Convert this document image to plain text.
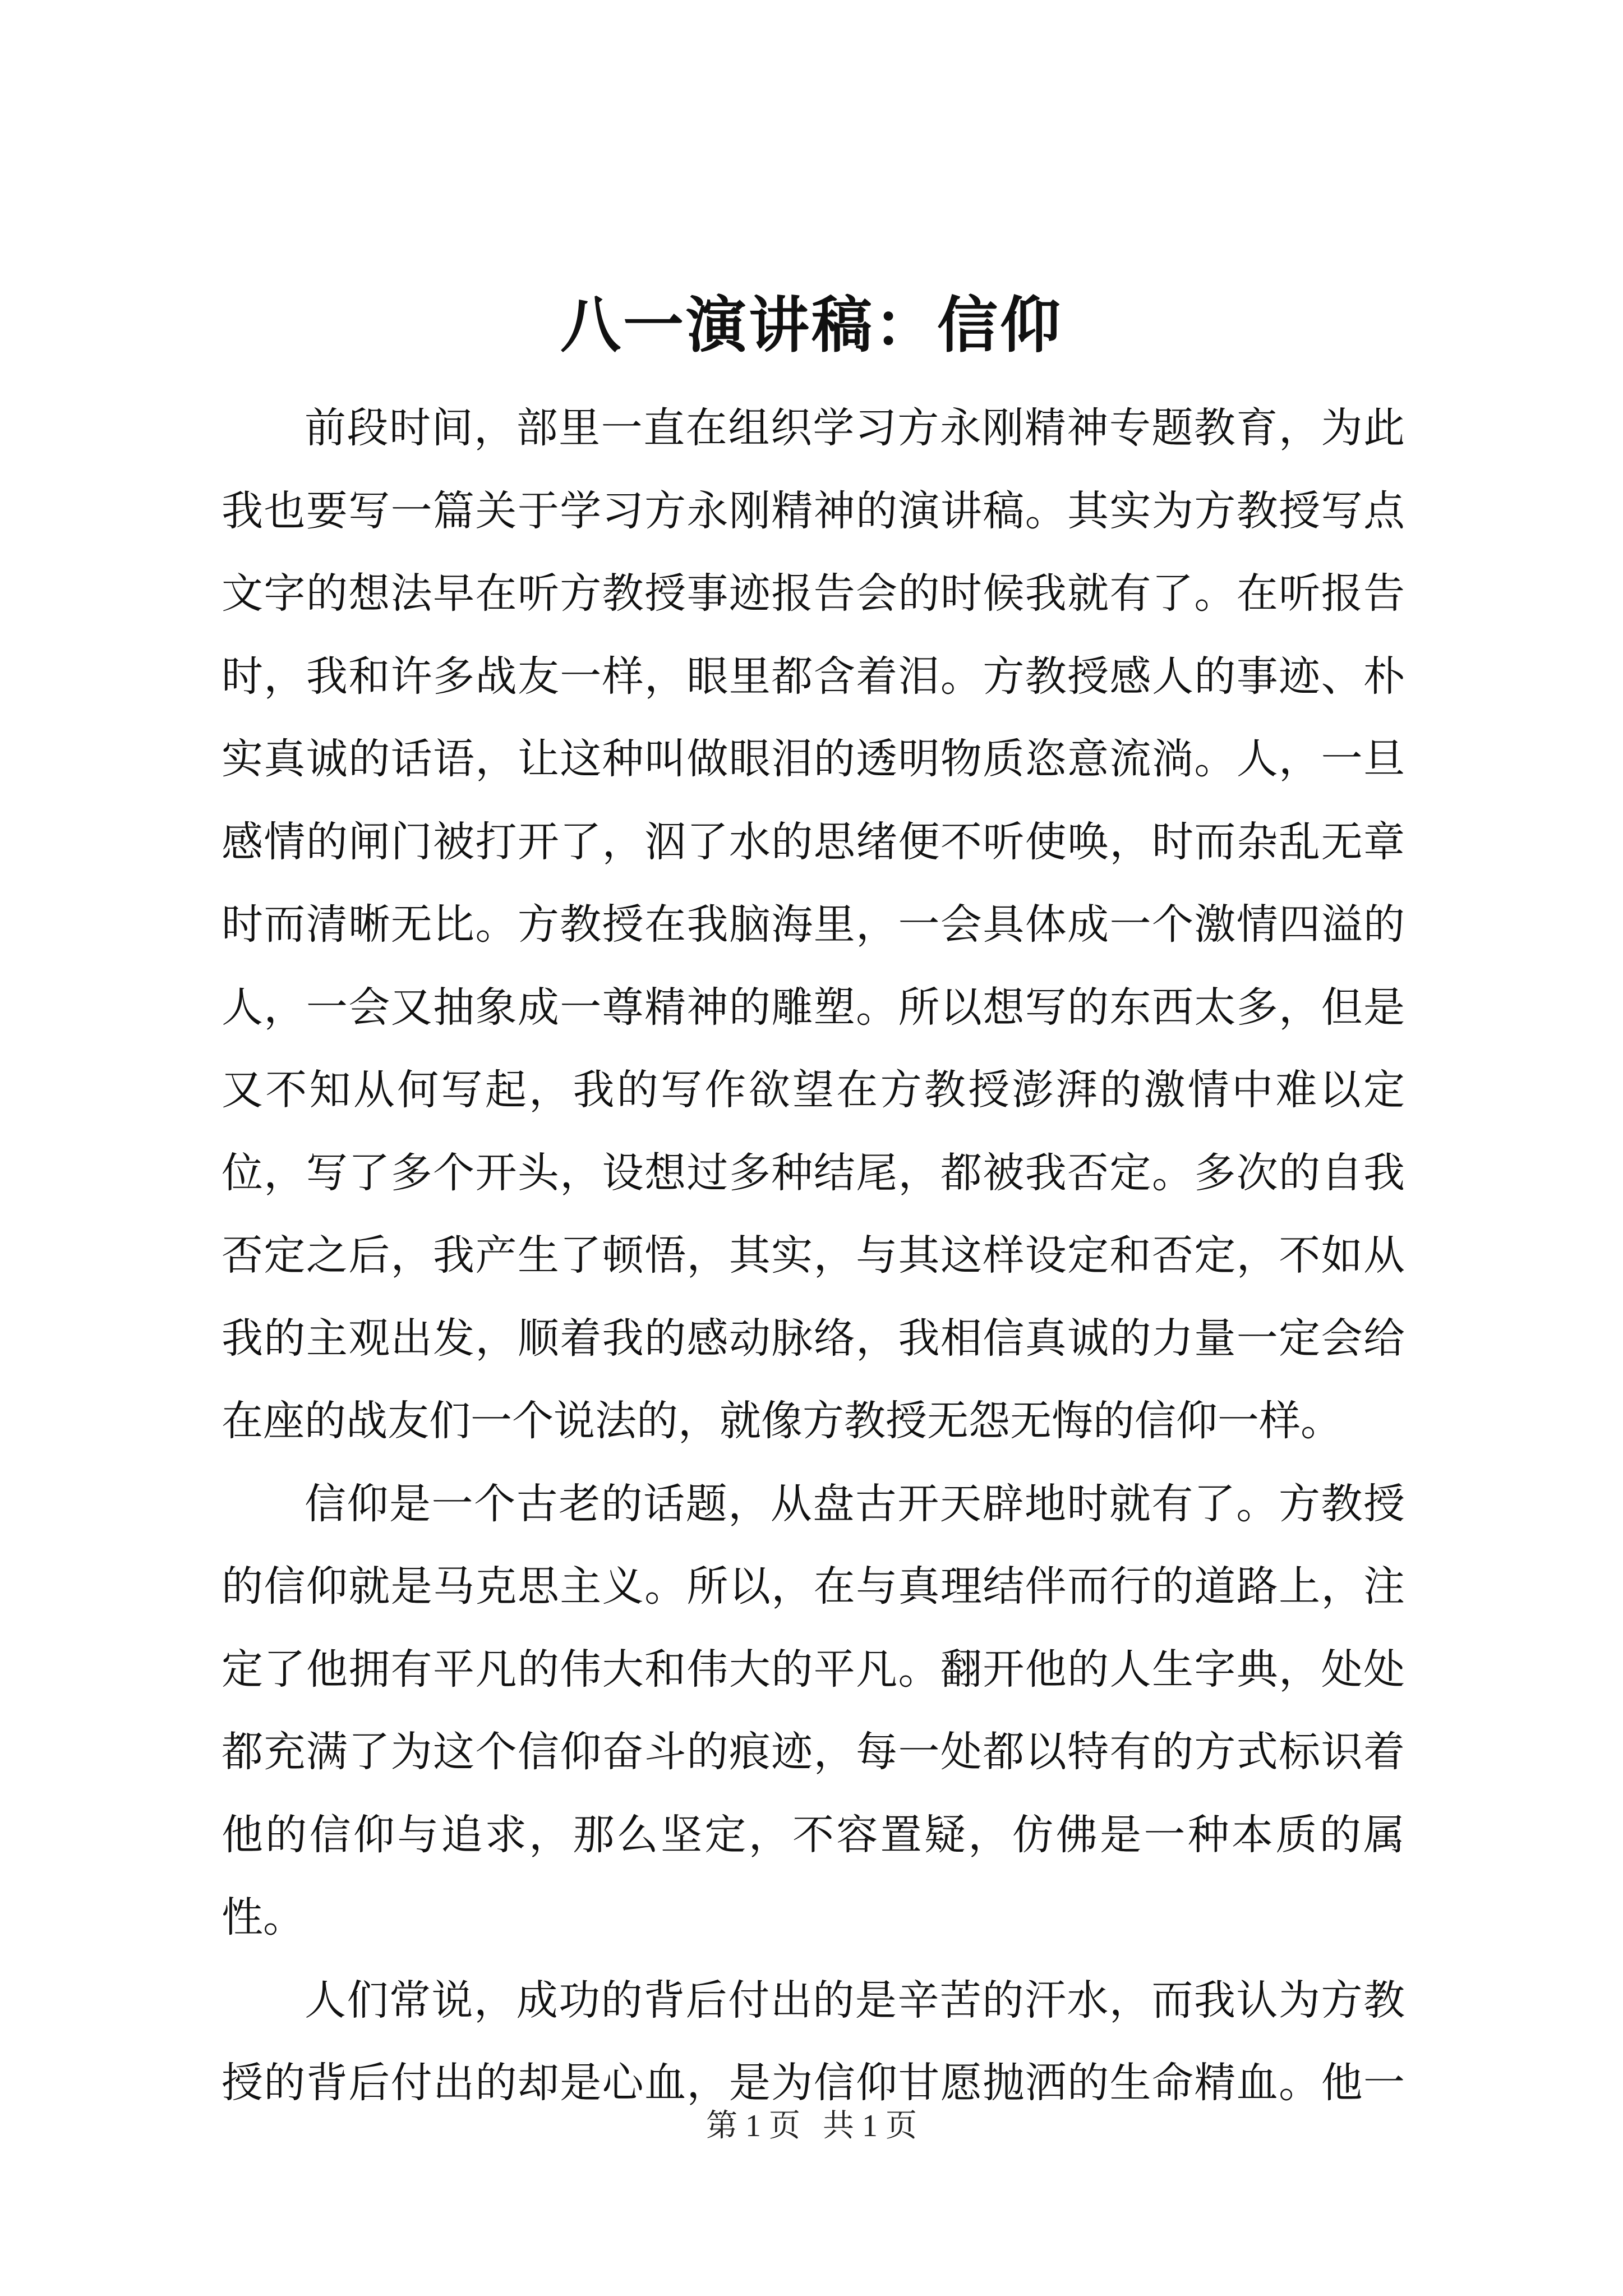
八一演讲稿：信仰

前段时间，部里一直在组织学习方永刚精神专题教育，为此我也要写一篇关于学习方永刚精神的演讲稿。其实为方教授写点文字的想法早在听方教授事迹报告会的时候我就有了。在听报告时，我和许多战友一样，眼里都含着泪。方教授感人的事迹、朴实真诚的话语，让这种叫做眼泪的透明物质恣意流淌。人，一旦感情的闸门被打开了，泅了水的思绪便不听使唤，时而杂乱无章时而清晰无比。方教授在我脑海里，一会具体成一个激情四溢的人，一会又抽象成一尊精神的雕塑。所以想写的东西太多，但是又不知从何写起，我的写作欲望在方教授澎湃的激情中难以定位，写了多个开头，设想过多种结尾，都被我否定。多次的自我否定之后，我产生了顿悟，其实，与其这样设定和否定，不如从我的主观出发，顺着我的感动脉络，我相信真诚的力量一定会给在座的战友们一个说法的，就像方教授无怨无悔的信仰一样。

信仰是一个古老的话题，从盘古开天辟地时就有了。方教授的信仰就是马克思主义。所以，在与真理结伴而行的道路上，注定了他拥有平凡的伟大和伟大的平凡。翻开他的人生字典，处处都充满了为这个信仰奋斗的痕迹，每一处都以特有的方式标识着他的信仰与追求，那么坚定，不容置疑，仿佛是一种本质的属性。

人们常说，成功的背后付出的是辛苦的汗水，而我认为方教授的背后付出的却是心血，是为信仰甘愿抛洒的生命精血。他一

第 1 页 共 1 页
